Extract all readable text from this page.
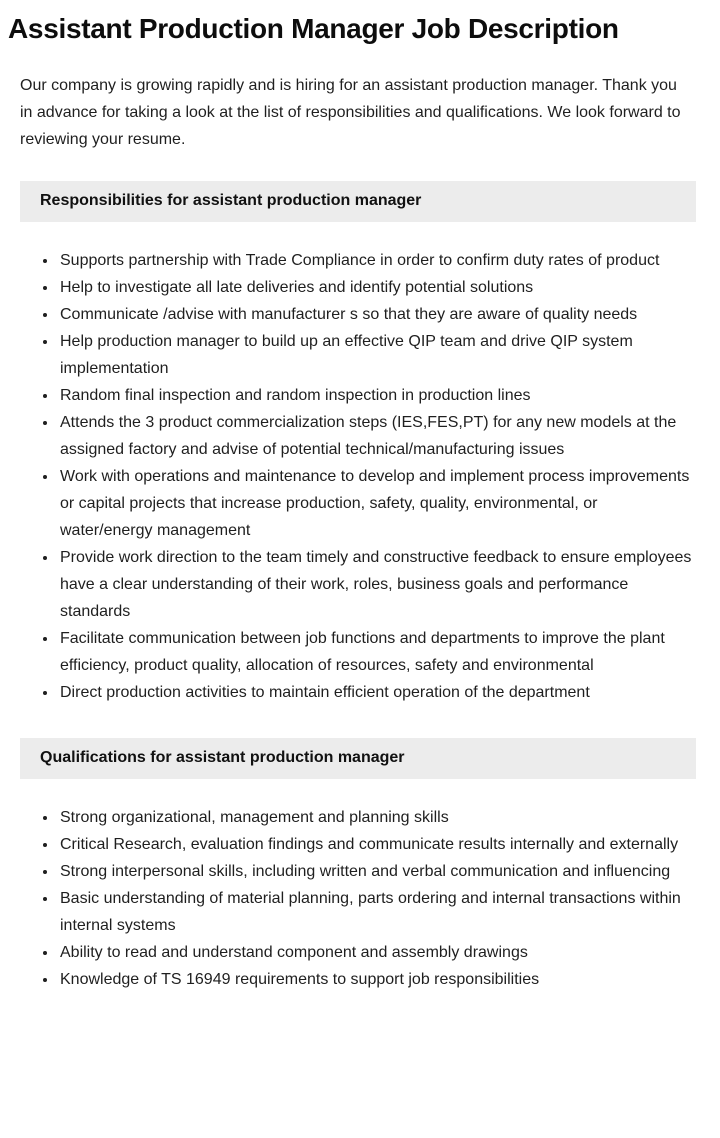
Assistant Production Manager Job Description

Our company is growing rapidly and is hiring for an assistant production manager. Thank you in advance for taking a look at the list of responsibilities and qualifications. We look forward to reviewing your resume.

Responsibilities for assistant production manager
• Supports partnership with Trade Compliance in order to confirm duty rates of product
• Help to investigate all late deliveries and identify potential solutions
• Communicate /advise with manufacturer s so that they are aware of quality needs
• Help production manager to build up an effective QIP team and drive QIP system implementation
• Random final inspection and random inspection in production lines
• Attends the 3 product commercialization steps (IES,FES,PT) for any new models at the assigned factory and advise of potential technical/manufacturing issues
• Work with operations and maintenance to develop and implement process improvements or capital projects that increase production, safety, quality, environmental, or water/energy management
• Provide work direction to the team timely and constructive feedback to ensure employees have a clear understanding of their work, roles, business goals and performance standards
• Facilitate communication between job functions and departments to improve the plant efficiency, product quality, allocation of resources, safety and environmental
• Direct production activities to maintain efficient operation of the department
Qualifications for assistant production manager
• Strong organizational, management and planning skills
• Critical Research, evaluation findings and communicate results internally and externally
• Strong interpersonal skills, including written and verbal communication and influencing
• Basic understanding of material planning, parts ordering and internal transactions within internal systems
• Ability to read and understand component and assembly drawings
• Knowledge of TS 16949 requirements to support job responsibilities
